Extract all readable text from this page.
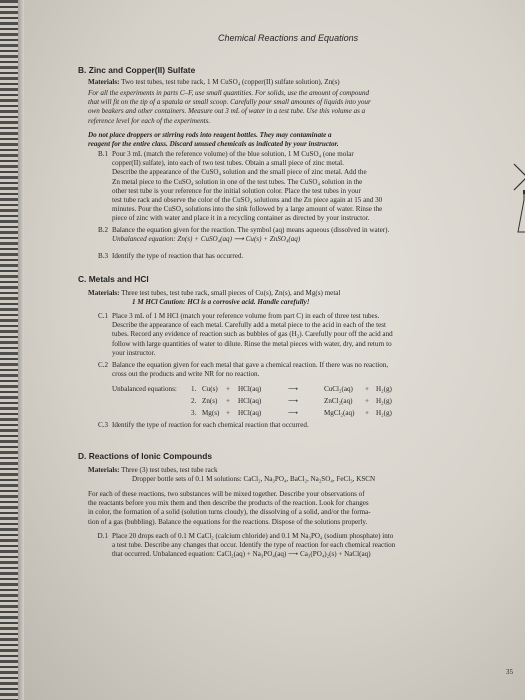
Chemical Reactions and Equations
B. Zinc and Copper(II) Sulfate
Materials: Two test tubes, test tube rack, 1 M CuSO₄ (copper(II) sulfate solution), Zn(s)
For all the experiments in parts C–F, use small quantities. For solids, use the amount of compound
that will fit on the tip of a spatula or small scoop. Carefully pour small amounts of liquids into your
own beakers and other containers. Measure out 3 mL of water in a test tube. Use this volume as a
reference level for each of the experiments.
Do not place droppers or stirring rods into reagent bottles. They may contaminate a
reagent for the entire class. Discard unused chemicals as indicated by your instructor.
B.1 Pour 3 mL (match the reference volume) of the blue solution, 1 M CuSO₄ (one molar
copper(II) sulfate), into each of two test tubes. Obtain a small piece of zinc metal.
Describe the appearance of the CuSO₄ solution and the small piece of zinc metal. Add the
Zn metal piece to the CuSO₄ solution in one of the test tubes. The CuSO₄ solution in the
other test tube is your reference for the initial solution color. Place the test tubes in your
test tube rack and observe the color of the CuSO₄ solutions and the Zn piece again at 15 and 30
minutes. Pour the CuSO₄ solutions into the sink followed by a large amount of water. Rinse the
piece of zinc with water and place it in a recycling container as directed by your instructor.
B.2 Balance the equation given for the reaction. The symbol (aq) means aqueous (dissolved in water).
Unbalanced equation: Zn(s) + CuSO₄(aq) ⟶ Cu(s) + ZnSO₄(aq)
B.3 Identify the type of reaction that has occurred.
C. Metals and HCl
Materials: Three test tubes, test tube rack, small pieces of Cu(s), Zn(s), and Mg(s) metal
1 M HCl Caution: HCl is a corrosive acid. Handle carefully!
C.1 Place 3 mL of 1 M HCl (match your reference volume from part C) in each of three test tubes.
Describe the appearance of each metal. Carefully add a metal piece to the acid in each of the test
tubes. Record any evidence of reaction such as bubbles of gas (H₂). Carefully pour off the acid and
follow with large quantities of water to dilute. Rinse the metal pieces with water, dry, and return to
your instructor.
C.2 Balance the equation given for each metal that gave a chemical reaction. If there was no reaction,
cross out the products and write NR for no reaction.
Unbalanced equations: 1. Cu(s) + HCl(aq)	⟶	CuCl₂(aq) + H₂(g)
2. Zn(s) + HCl(aq)	⟶	ZnCl₂(aq) + H₂(g)
3. Mg(s) + HCl(aq)	⟶	MgCl₂(aq) + H₂(g)
C.3 Identify the type of reaction for each chemical reaction that occurred.
D. Reactions of Ionic Compounds
Materials: Three (3) test tubes, test tube rack
Dropper bottle sets of 0.1 M solutions: CaCl₂, Na₃PO₄, BaCl₂, Na₂SO₄, FeCl₃, KSCN
For each of these reactions, two substances will be mixed together. Describe your observations of
the reactants before you mix them and then describe the products of the reaction. Look for changes
in color, the formation of a solid (solution turns cloudy), the dissolving of a solid, and/or the forma-
tion of a gas (bubbling). Balance the equations for the reactions. Dispose of the solutions properly.
D.1 Place 20 drops each of 0.1 M CaCl₂ (calcium chloride) and 0.1 M Na₃PO₄ (sodium phosphate) into
a test tube. Describe any changes that occur. Identify the type of reaction for each chemical reaction
that occurred. Unbalanced equation: CaCl₂(aq) + Na₃PO₄(aq) ⟶ Ca₃(PO₄)₂(s) + NaCl(aq)
35
